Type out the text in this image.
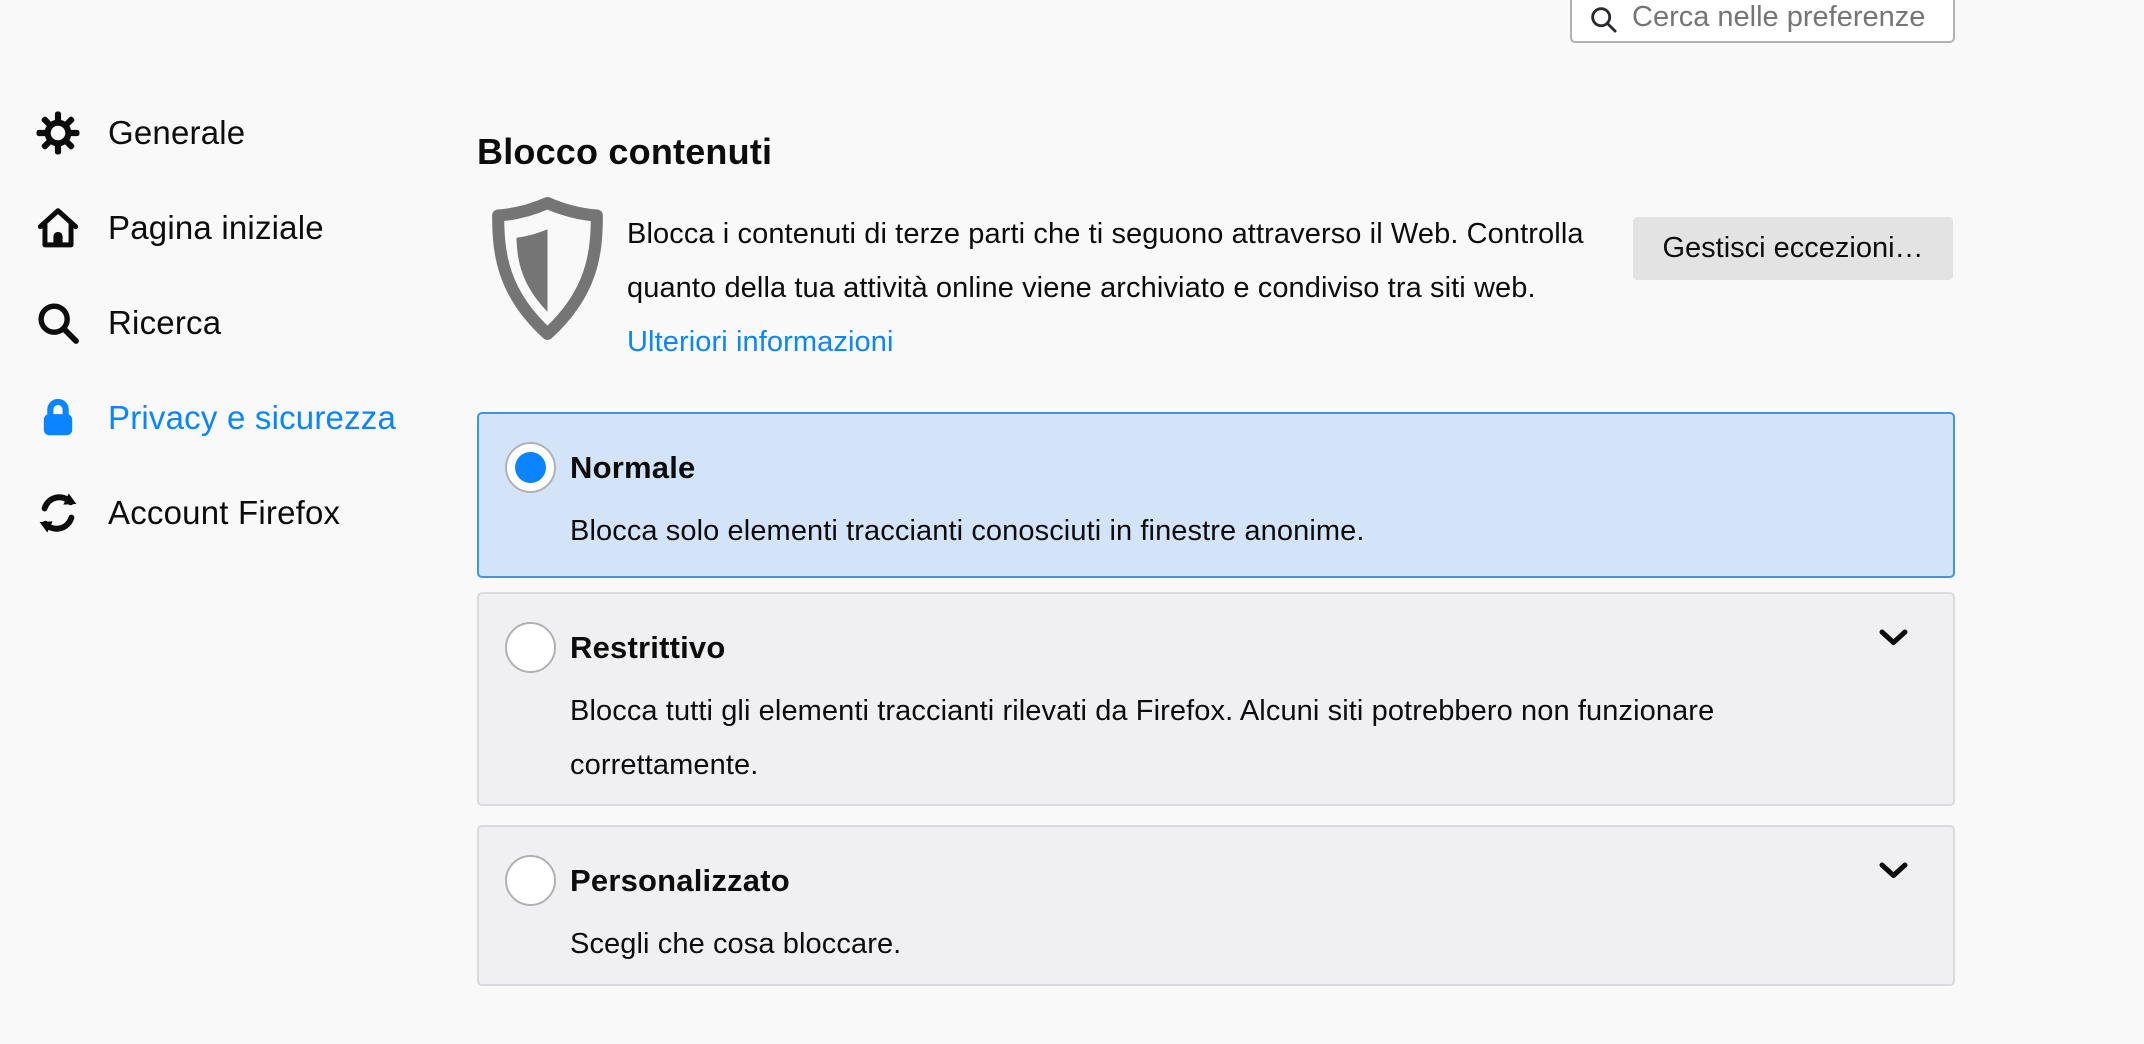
Cerca nelle preferenze
Generale
Pagina iniziale
Ricerca
Privacy e sicurezza
Account Firefox
Blocco contenuti

Blocca i contenuti di terze parti che ti seguono attraverso il Web. Controlla quanto della tua attività online viene archiviato e condiviso tra siti web. Ulteriori informazioni

Gestisci eccezioni…
Normale
Blocca solo elementi traccianti conosciuti in finestre anonime.
Restrittivo
Blocca tutti gli elementi traccianti rilevati da Firefox. Alcuni siti potrebbero non funzionare correttamente.
Personalizzato
Scegli che cosa bloccare.
